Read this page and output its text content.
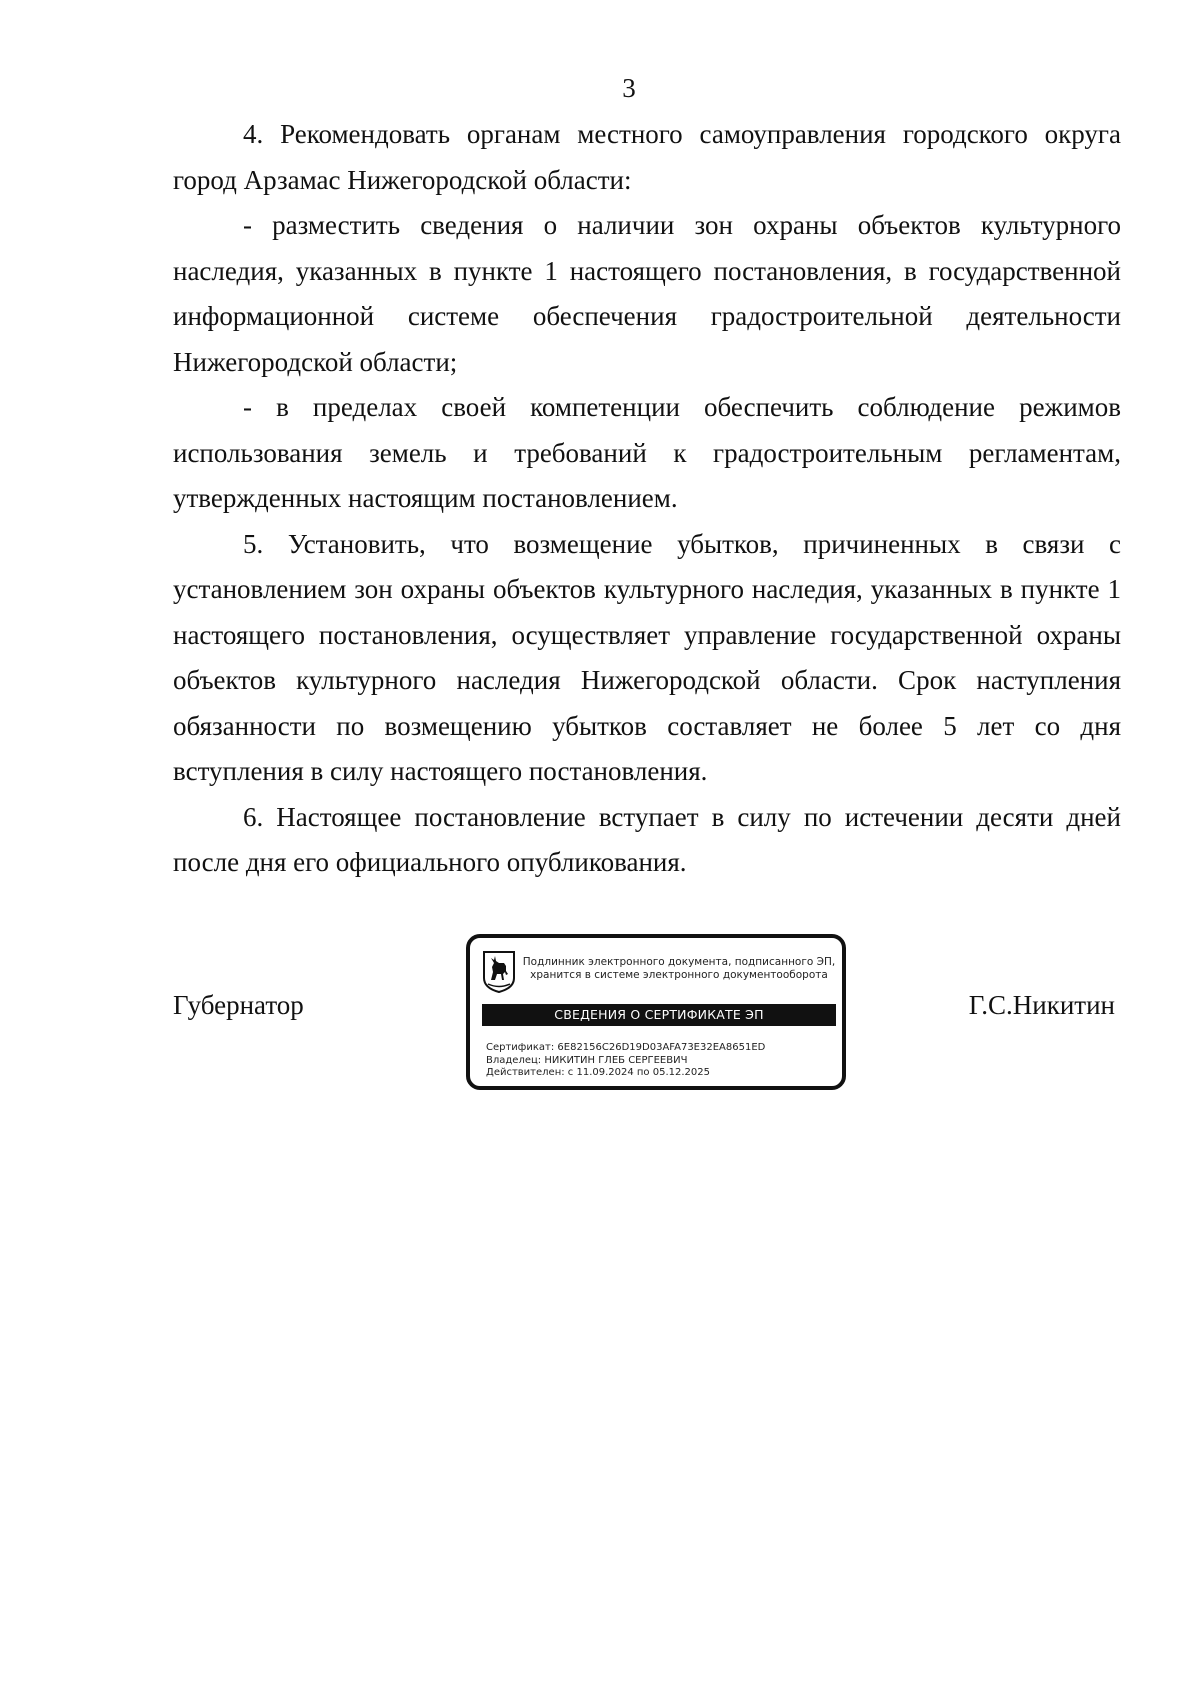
3

4. Рекомендовать органам местного самоуправления городского округа город Арзамас Нижегородской области:

- разместить сведения о наличии зон охраны объектов культурного наследия, указанных в пункте 1 настоящего постановления, в государственной информационной системе обеспечения градостроительной деятельности Нижегородской области;

- в пределах своей компетенции обеспечить соблюдение режимов использования земель и требований к градостроительным регламентам, утвержденных настоящим постановлением.

5. Установить, что возмещение убытков, причиненных в связи с установлением зон охраны объектов культурного наследия, указанных в пункте 1 настоящего постановления, осуществляет управление государственной охраны объектов культурного наследия Нижегородской области. Срок наступления обязанности по возмещению убытков составляет не более 5 лет со дня вступления в силу настоящего постановления.

6. Настоящее постановление вступает в силу по истечении десяти дней после дня его официального опубликования.

Губернатор
Подлинник электронного документа, подписанного ЭП,
хранится в системе электронного документооборота
СВЕДЕНИЯ О СЕРТИФИКАТЕ ЭП
Сертификат: 6E82156C26D19D03AFA73E32EA8651ED
Владелец: НИКИТИН ГЛЕБ СЕРГЕЕВИЧ
Действителен: с 11.09.2024 по 05.12.2025
Г.С.Никитин
